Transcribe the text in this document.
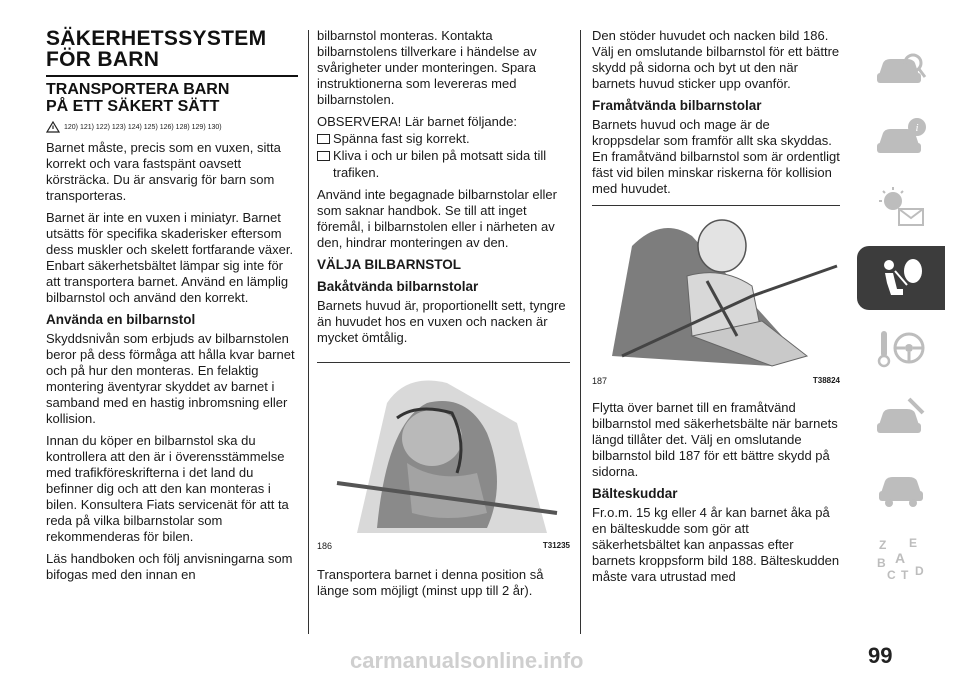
SÄKERHETSSYSTEM
FÖR BARN
TRANSPORTERA BARN
PÅ ETT SÄKERT SÄTT
120) 121) 122) 123) 124) 125) 126) 128) 129) 130)

Barnet måste, precis som en vuxen, sitta korrekt och vara fastspänt oavsett körsträcka. Du är ansvarig för barn som transporteras.

Barnet är inte en vuxen i miniatyr. Barnet utsätts för specifika skaderisker eftersom dess muskler och skelett fortfarande växer. Enbart säkerhetsbältet lämpar sig inte för att transportera barnet. Använd en lämplig bilbarnstol och använd den korrekt.

Använda en bilbarnstol

Skyddsnivån som erbjuds av bilbarnstolen beror på dess förmåga att hålla kvar barnet och på hur den monteras. En felaktig montering äventyrar skyddet av barnet i samband med en hastig inbromsning eller kollision.

Innan du köper en bilbarnstol ska du kontrollera att den är i överensstämmelse med trafikföreskrifterna i det land du befinner dig och att den kan monteras i bilen. Konsultera Fiats servicenät för att ta reda på vilka bilbarnstolar som rekommenderas för bilen.

Läs handboken och följ anvisningarna som bifogas med den innan en

bilbarnstol monteras. Kontakta bilbarnstolens tillverkare i händelse av svårigheter under monteringen. Spara instruktionerna som levereras med bilbarnstolen.

OBSERVERA! Lär barnet följande:

Spänna fast sig korrekt.
Kliva i och ur bilen på motsatt sida till trafiken.

Använd inte begagnade bilbarnstolar eller som saknar handbok. Se till att inget föremål, i bilbarnstolen eller i närheten av den, hindrar monteringen av den.

VÄLJA BILBARNSTOL
Bakåtvända bilbarnstolar

Barnets huvud är, proportionellt sett, tyngre än huvudet hos en vuxen och nacken är mycket ömtålig.

186	T31235

Transportera barnet i denna position så länge som möjligt (minst upp till 2 år).

Den stöder huvudet och nacken bild 186. Välj en omslutande bilbarnstol för ett bättre skydd på sidorna och byt ut den när barnets huvud sticker upp ovanför.

Framåtvända bilbarnstolar

Barnets huvud och mage är de kroppsdelar som framför allt ska skyddas. En framåtvänd bilbarnstol som är ordentligt fäst vid bilen minskar riskerna för kollision med huvudet.

187	T38824

Flytta över barnet till en framåtvänd bilbarnstol med säkerhetsbälte när barnets längd tillåter det. Välj en omslutande bilbarnstol bild 187 för ett bättre skydd på sidorna.

Bälteskuddar

Fr.o.m. 15 kg eller 4 år kan barnet åka på en bälteskudde som gör att säkerhetsbältet kan anpassas efter barnets kroppsform bild 188. Bälteskudden måste vara utrustad med

i
Z E
B A
C T D
99
carmanualsonline.info
